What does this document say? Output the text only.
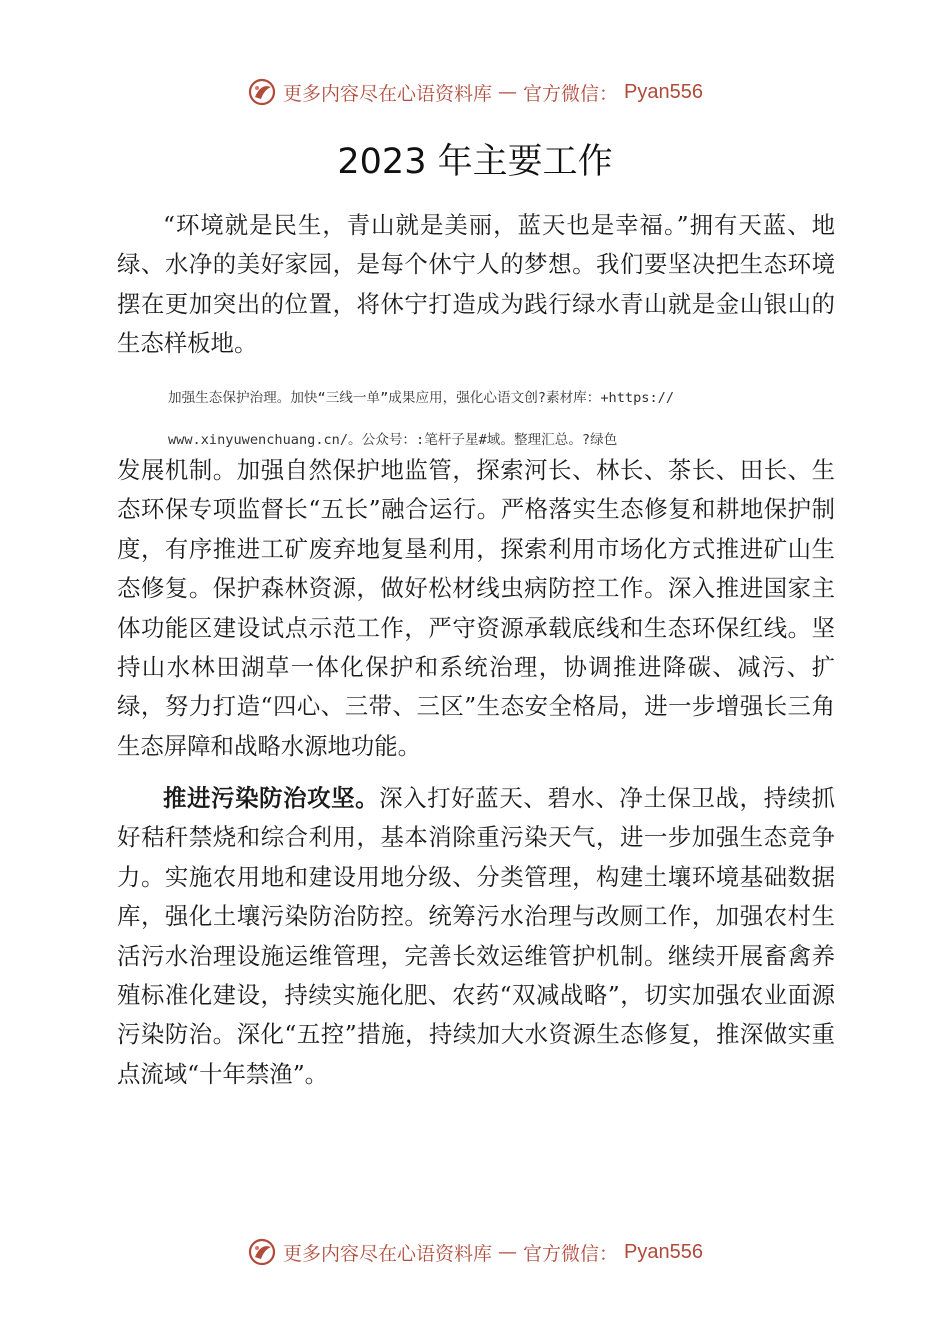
更多内容尽在心语资料库 — 官方微信： Pyan556
2023 年主要工作

“环境就是民生，青山就是美丽，蓝天也是幸福。”拥有天蓝、地绿、水净的美好家园，是每个休宁人的梦想。我们要坚决把生态环境摆在更加突出的位置，将休宁打造成为践行绿水青山就是金山银山的生态样板地。

加强生态保护治理。加快“三线一单”成果应用，强化心语文创?素材库：+https://

www.xinyuwenchuang.cn/。公众号：:笔杆子星#域。整理汇总。?绿色

发展机制。加强自然保护地监管，探索河长、林长、茶长、田长、生态环保专项监督长“五长”融合运行。严格落实生态修复和耕地保护制度，有序推进工矿废弃地复垦利用，探索利用市场化方式推进矿山生态修复。保护森林资源，做好松材线虫病防控工作。深入推进国家主体功能区建设试点示范工作，严守资源承载底线和生态环保红线。坚持山水林田湖草一体化保护和系统治理，协调推进降碳、减污、扩绿，努力打造“四心、三带、三区”生态安全格局，进一步增强长三角生态屏障和战略水源地功能。

推进污染防治攻坚。深入打好蓝天、碧水、净土保卫战，持续抓好秸秆禁烧和综合利用，基本消除重污染天气，进一步加强生态竞争力。实施农用地和建设用地分级、分类管理，构建土壤环境基础数据库，强化土壤污染防治防控。统筹污水治理与改厕工作，加强农村生活污水治理设施运维管理，完善长效运维管护机制。继续开展畜禽养殖标准化建设，持续实施化肥、农药“双减战略”，切实加强农业面源污染防治。深化“五控”措施，持续加大水资源生态修复，推深做实重点流域“十年禁渔”。

更多内容尽在心语资料库 — 官方微信： Pyan556
